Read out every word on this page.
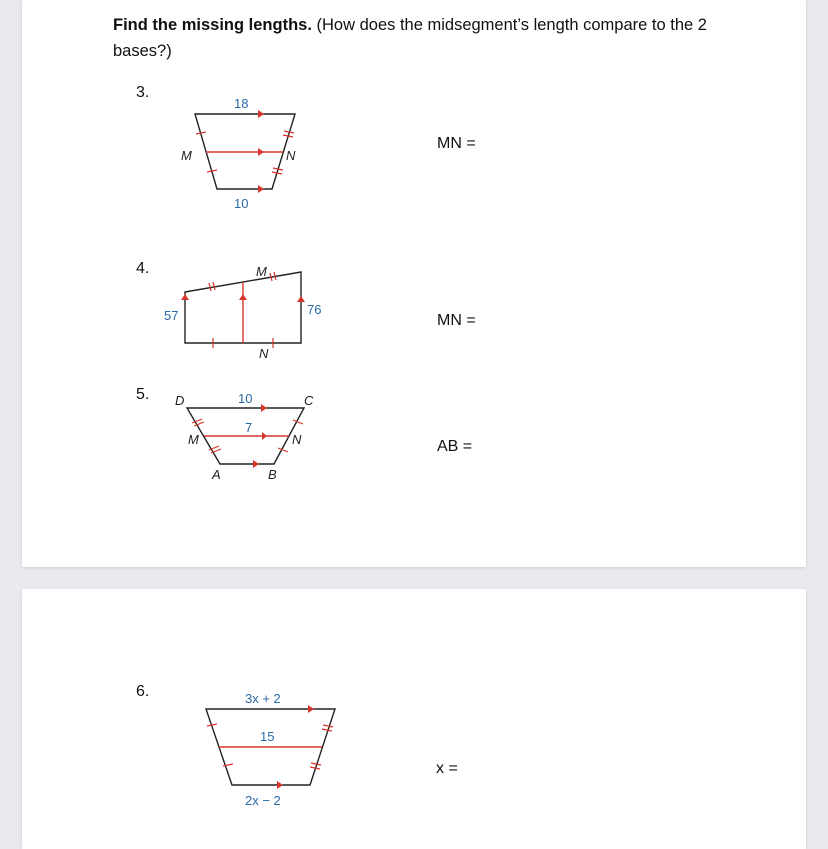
Find the missing lengths. (How does the midsegment’s length compare to the 2 bases?)

3.
MN =
18
10
M	N
4.
MN =
57	76
M
N
5.
AB =
10
7
D	C
M	N
A	B
6.
x =
3x + 2
15
2x − 2
